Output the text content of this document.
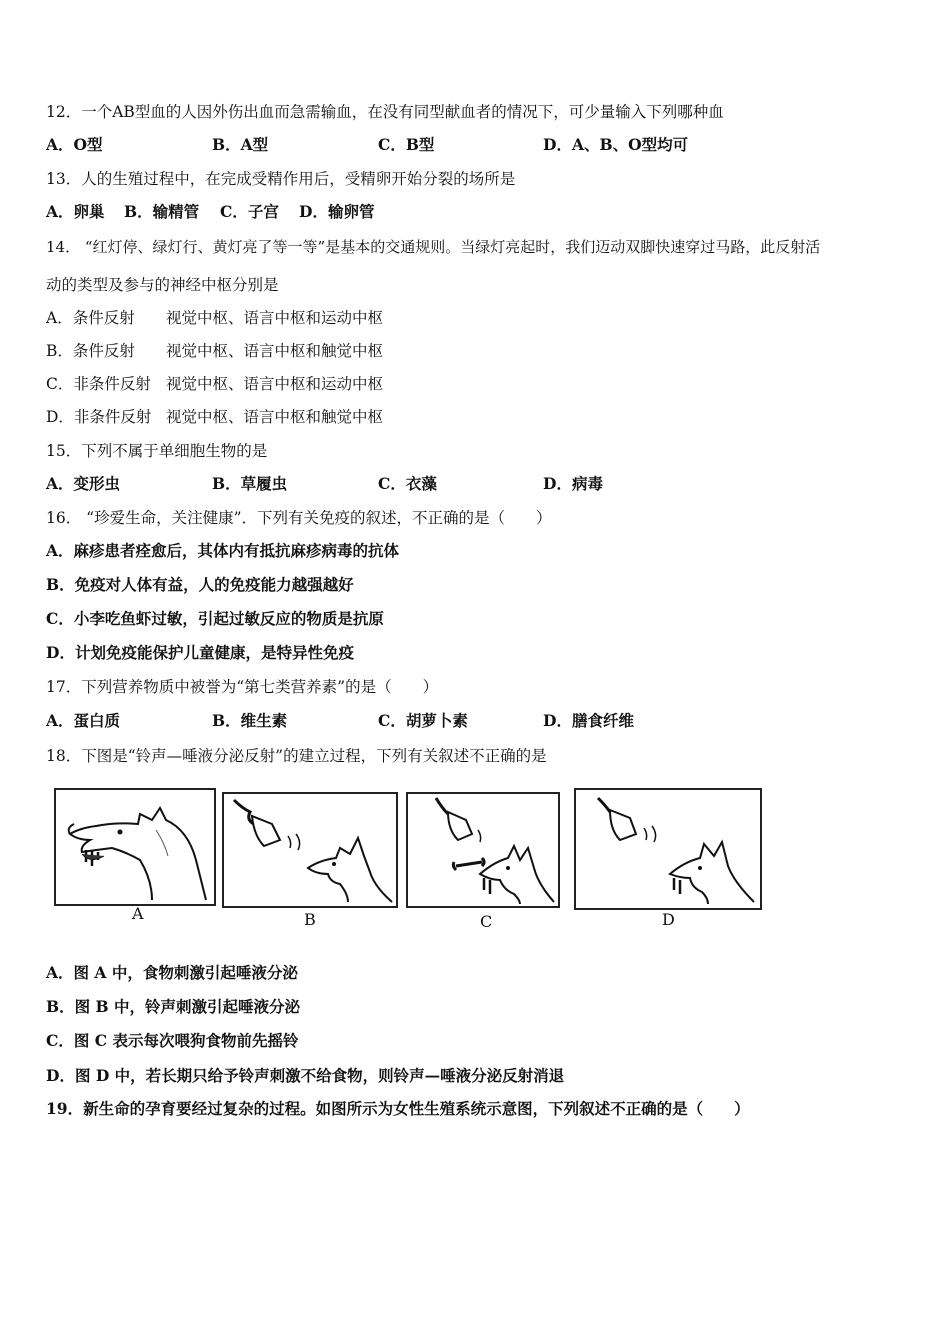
12．一个AB型血的人因外伤出血而急需输血，在没有同型献血者的情况下，可少量输入下列哪种血
A．O型	B．A型	C．B型	D．A、B、O型均可
13．人的生殖过程中，在完成受精作用后，受精卵开始分裂的场所是
A．卵巢 B．输精管 C．子宫 D．输卵管
14． “红灯停、绿灯行、黄灯亮了等一等”是基本的交通规则。当绿灯亮起时，我们迈动双脚快速穿过马路，此反射活
动的类型及参与的神经中枢分别是
A．条件反射 视觉中枢、语言中枢和运动中枢
B．条件反射 视觉中枢、语言中枢和触觉中枢
C．非条件反射 视觉中枢、语言中枢和运动中枢
D．非条件反射 视觉中枢、语言中枢和触觉中枢
15．下列不属于单细胞生物的是
A．变形虫	B．草履虫	C．衣藻	D．病毒
16． “珍爱生命，关注健康”．下列有关免疫的叙述，不正确的是（　　）
A．麻疹患者痊愈后，其体内有抵抗麻疹病毒的抗体
B．免疫对人体有益，人的免疫能力越强越好
C．小李吃鱼虾过敏，引起过敏反应的物质是抗原
D．计划免疫能保护儿童健康，是特异性免疫
17．下列营养物质中被誉为“第七类营养素”的是（　　）
A．蛋白质	B．维生素	C．胡萝卜素	D．膳食纤维
18．下图是“铃声—唾液分泌反射”的建立过程，下列有关叙述不正确的是
A	B	C	D
A．图 A 中，食物刺激引起唾液分泌
B．图 B 中，铃声刺激引起唾液分泌
C．图 C 表示每次喂狗食物前先摇铃
D．图 D 中，若长期只给予铃声刺激不给食物，则铃声—唾液分泌反射消退
19．新生命的孕育要经过复杂的过程。如图所示为女性生殖系统示意图，下列叙述不正确的是（　　）
